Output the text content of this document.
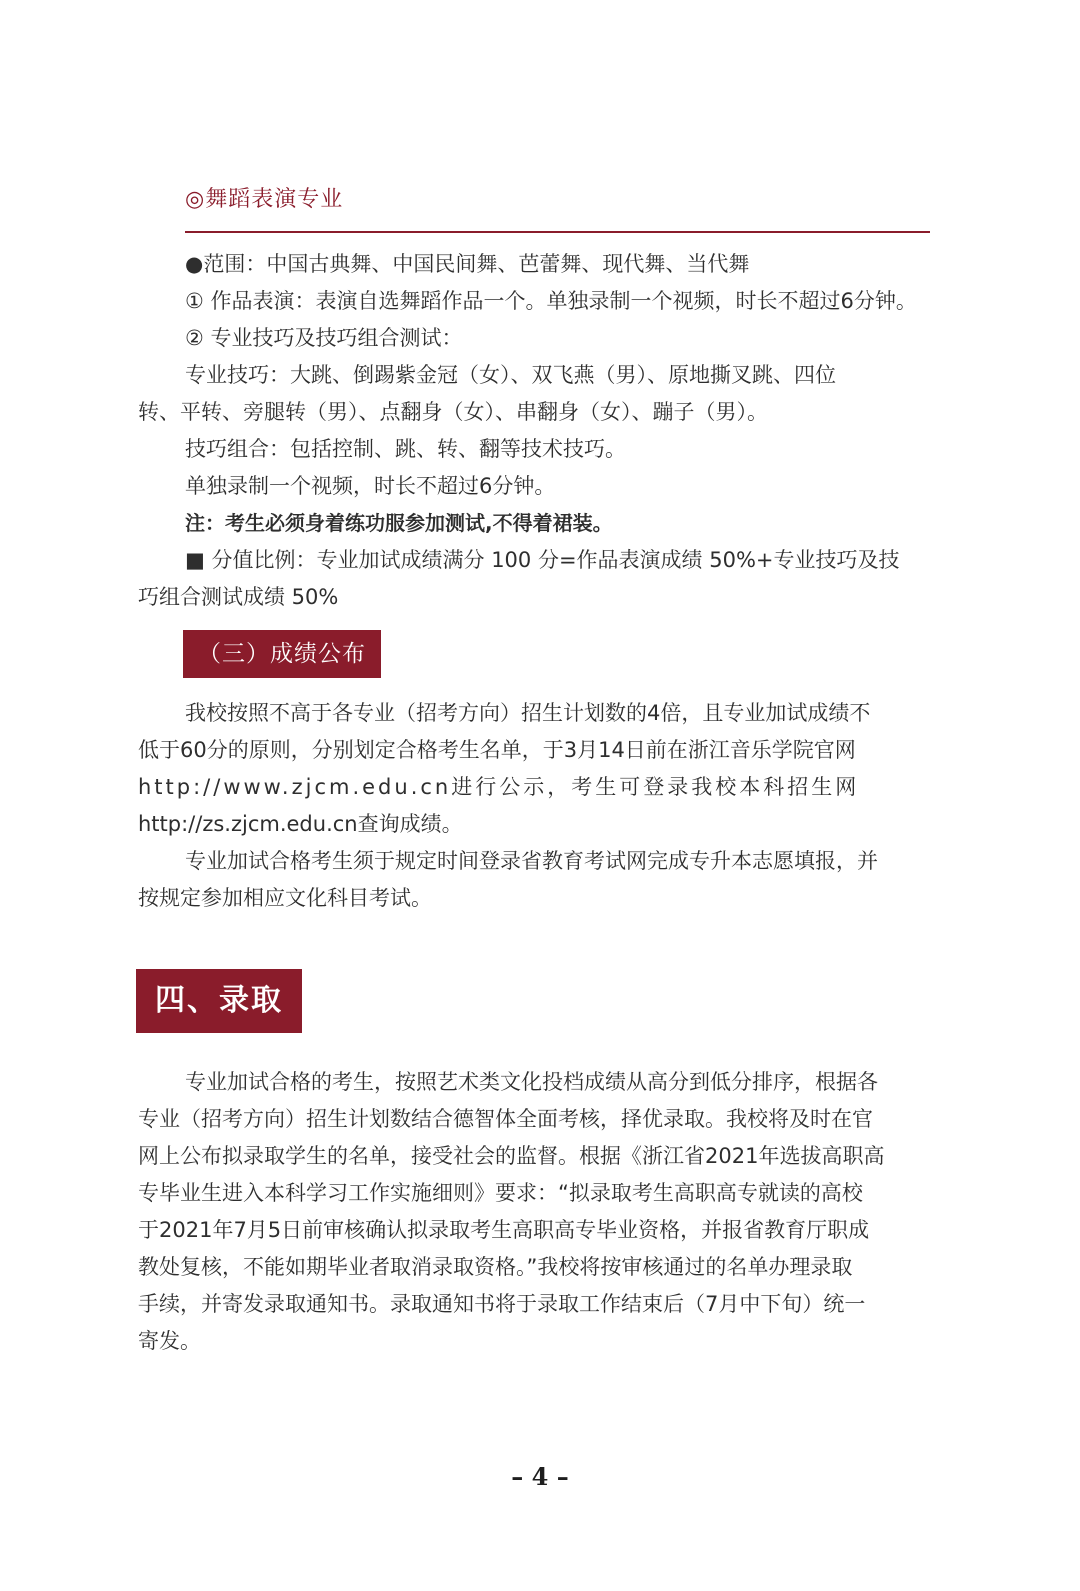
◎舞蹈表演专业
●范围：中国古典舞、中国民间舞、芭蕾舞、现代舞、当代舞
① 作品表演：表演自选舞蹈作品一个。单独录制一个视频，时长不超过6分钟。
② 专业技巧及技巧组合测试：
专业技巧：大跳、倒踢紫金冠（女）、双飞燕（男）、原地撕叉跳、四位
转、平转、旁腿转（男）、点翻身（女）、串翻身（女）、蹦子（男）。
技巧组合：包括控制、跳、转、翻等技术技巧。
单独录制一个视频，时长不超过6分钟。
注：考生必须身着练功服参加测试,不得着裙装。
■ 分值比例：专业加试成绩满分 100 分=作品表演成绩 50%+专业技巧及技
巧组合测试成绩 50%
（三）成绩公布
我校按照不高于各专业（招考方向）招生计划数的4倍，且专业加试成绩不
低于60分的原则，分别划定合格考生名单，于3月14日前在浙江音乐学院官网
http://www.zjcm.edu.cn进行公示，考生可登录我校本科招生网
http://zs.zjcm.edu.cn查询成绩。
专业加试合格考生须于规定时间登录省教育考试网完成专升本志愿填报，并
按规定参加相应文化科目考试。
四、录取
专业加试合格的考生，按照艺术类文化投档成绩从高分到低分排序，根据各
专业（招考方向）招生计划数结合德智体全面考核，择优录取。我校将及时在官
网上公布拟录取学生的名单，接受社会的监督。根据《浙江省2021年选拔高职高
专毕业生进入本科学习工作实施细则》要求：“拟录取考生高职高专就读的高校
于2021年7月5日前审核确认拟录取考生高职高专毕业资格，并报省教育厅职成
教处复核，不能如期毕业者取消录取资格。”我校将按审核通过的名单办理录取
手续，并寄发录取通知书。录取通知书将于录取工作结束后（7月中下旬）统一
寄发。
– 4 –
